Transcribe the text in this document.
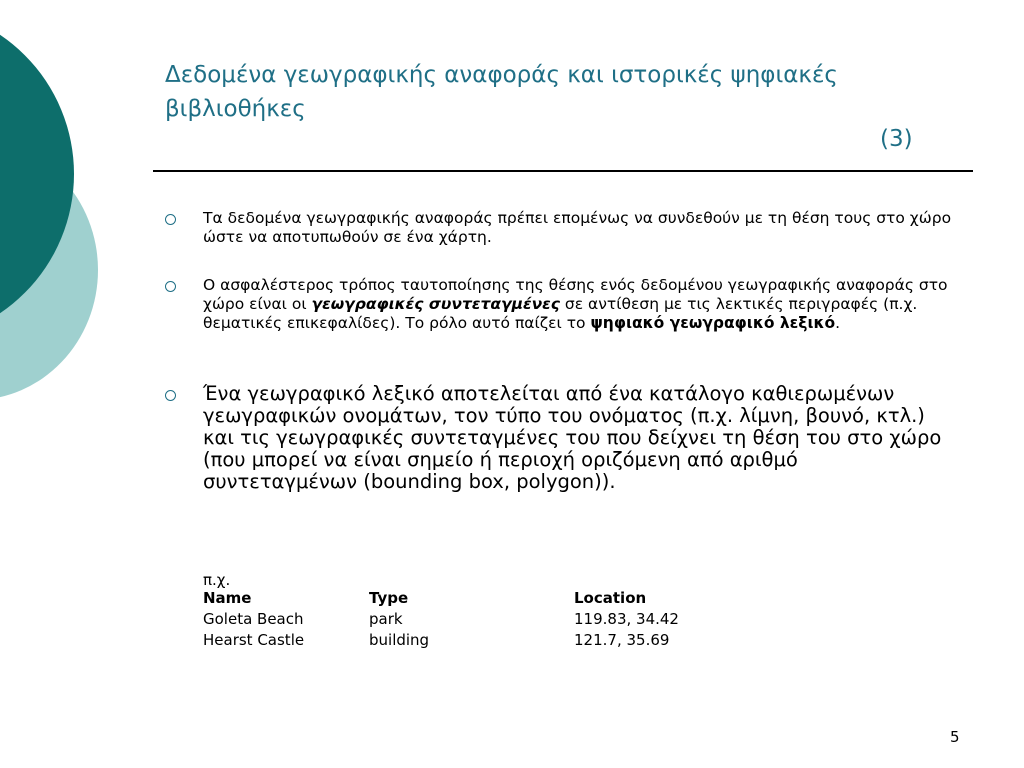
Δεδομένα γεωγραφικής αναφοράς και ιστορικές ψηφιακές βιβλιοθήκες
(3)
Τα δεδομένα γεωγραφικής αναφοράς πρέπει επομένως να συνδεθούν με τη θέση τους στο χώρο ώστε να αποτυπωθούν σε ένα χάρτη.
Ο ασφαλέστερος τρόπος ταυτοποίησης της θέσης ενός δεδομένου γεωγραφικής αναφοράς στο χώρο είναι οι γεωγραφικές συντεταγμένες σε αντίθεση με τις λεκτικές περιγραφές (π.χ. θεματικές επικεφαλίδες). Το ρόλο αυτό παίζει το ψηφιακό γεωγραφικό λεξικό.
Ένα γεωγραφικό λεξικό αποτελείται από ένα κατάλογο καθιερωμένων γεωγραφικών ονομάτων, τον τύπο του ονόματος (π.χ. λίμνη, βουνό, κτλ.) και τις γεωγραφικές συντεταγμένες του που δείχνει τη θέση του στο χώρο (που μπορεί να είναι σημείο ή περιοχή οριζόμενη από αριθμό συντεταγμένων (bounding box, polygon)).
π.χ.
Name	Type	Location
Goleta Beach	park	119.83, 34.42
Hearst Castle	building	121.7, 35.69
5
